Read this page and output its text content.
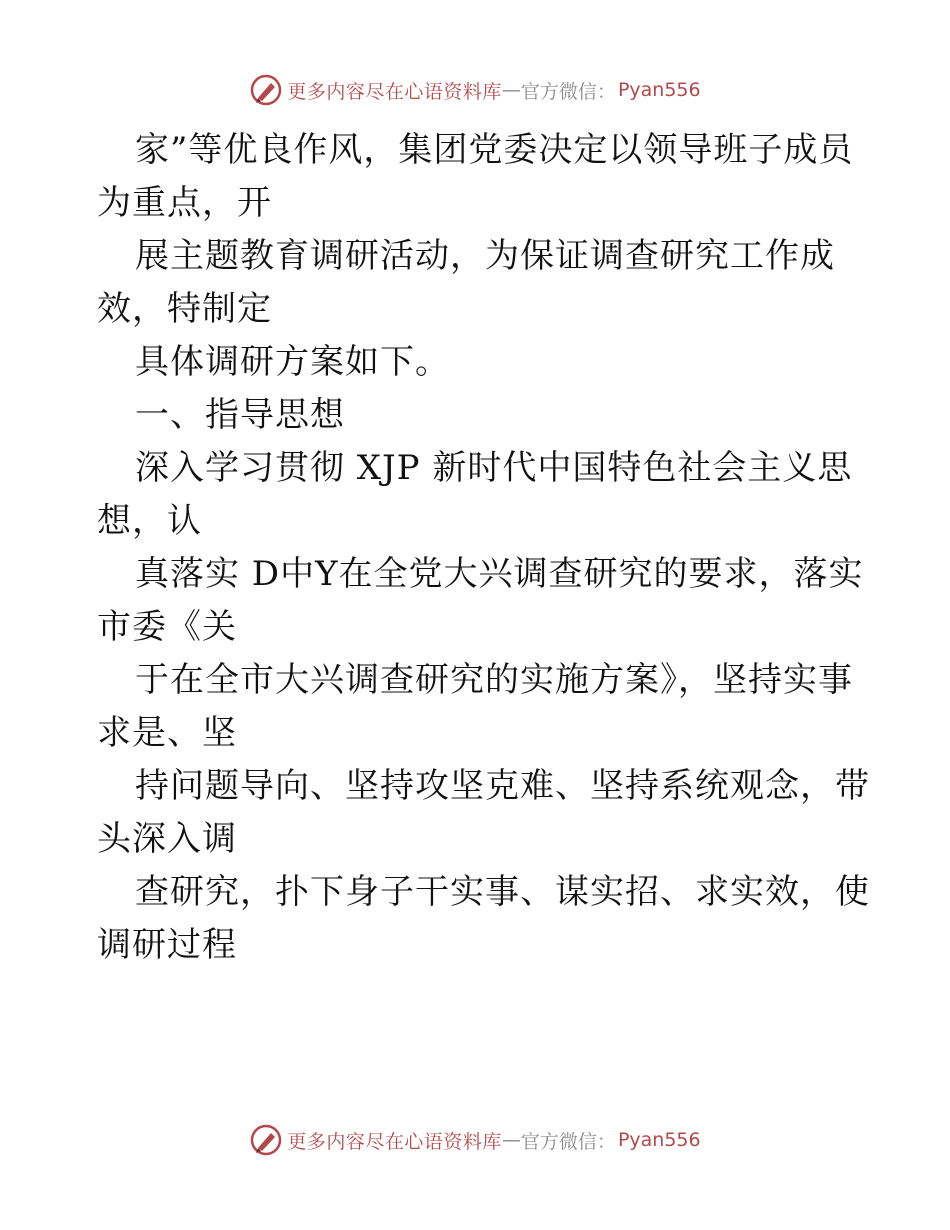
更多内容尽在心语资料库 — 官方微信： Pyan556
家”等优良作风，集团党委决定以领导班子成员
为重点，开
展主题教育调研活动，为保证调查研究工作成
效，特制定
具体调研方案如下。
一、指导思想
深入学习贯彻 XJP 新时代中国特色社会主义思
想，认
真落实 D中Y在全党大兴调查研究的要求，落实
市委《关
于在全市大兴调查研究的实施方案》，坚持实事
求是、坚
持问题导向、坚持攻坚克难、坚持系统观念，带
头深入调
查研究，扑下身子干实事、谋实招、求实效，使
调研过程
更多内容尽在心语资料库 — 官方微信： Pyan556
